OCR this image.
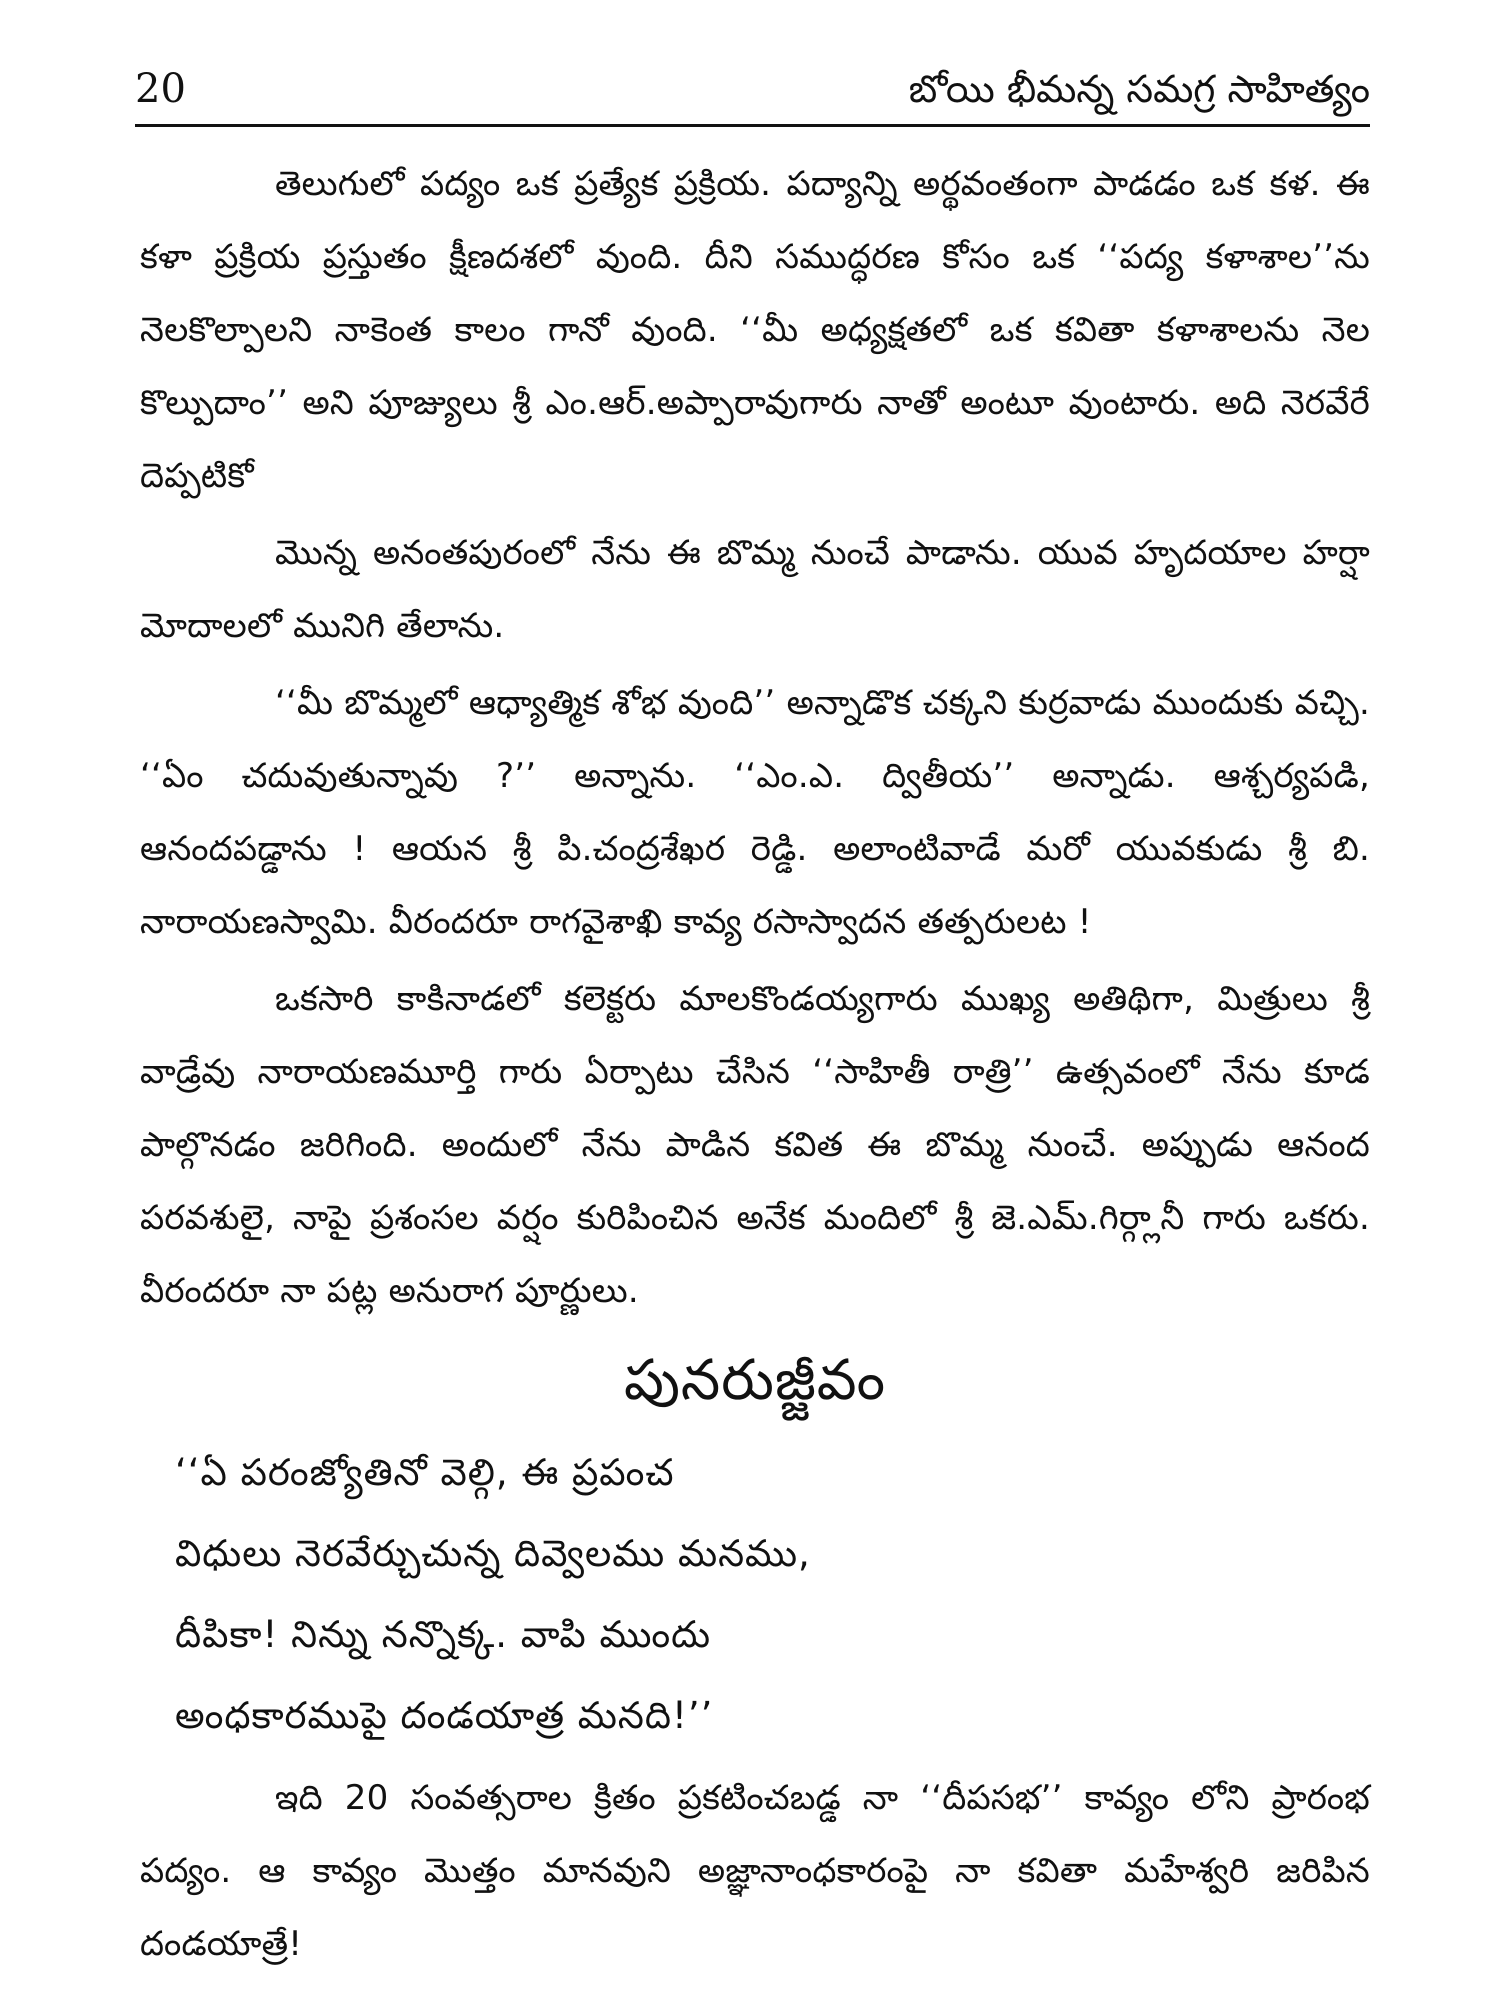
20	బోయి భీమన్న సమగ్ర సాహిత్యం

తెలుగులో పద్యం ఒక ప్రత్యేక ప్రక్రియ. పద్యాన్ని అర్థవంతంగా పాడడం ఒక కళ. ఈ కళా ప్రక్రియ ప్రస్తుతం క్షీణదశలో వుంది. దీని సముద్ధరణ కోసం ఒక ‘‘పద్య కళాశాల’’ను నెలకొల్పాలని నాకెంత కాలం గానో వుంది. ‘‘మీ అధ్యక్షతలో ఒక కవితా కళాశాలను నెల కొల్పుదాం’’ అని పూజ్యులు శ్రీ ఎం.ఆర్.అప్పారావుగారు నాతో అంటూ వుంటారు. అది నెరవేరే దెప్పటికో

మొన్న అనంతపురంలో నేను ఈ బొమ్మ నుంచే పాడాను. యువ హృదయాల హర్షా మోదాలలో మునిగి తేలాను.

‘‘మీ బొమ్మలో ఆధ్యాత్మిక శోభ వుంది’’ అన్నాడొక చక్కని కుర్రవాడు ముందుకు వచ్చి. ‘‘ఏం చదువుతున్నావు ?’’ అన్నాను. ‘‘ఎం.ఎ. ద్వితీయ’’ అన్నాడు. ఆశ్చర్యపడి, ఆనందపడ్డాను ! ఆయన శ్రీ పి.చంద్రశేఖర రెడ్డి. అలాంటివాడే మరో యువకుడు శ్రీ బి. నారాయణస్వామి. వీరందరూ రాగవైశాఖి కావ్య రసాస్వాదన తత్పరులట !

ఒకసారి కాకినాడలో కలెక్టరు మాలకొండయ్యగారు ముఖ్య అతిథిగా, మిత్రులు శ్రీ వాడ్రేవు నారాయణమూర్తి గారు ఏర్పాటు చేసిన ‘‘సాహితీ రాత్రి’’ ఉత్సవంలో నేను కూడ పాల్గొనడం జరిగింది. అందులో నేను పాడిన కవిత ఈ బొమ్మ నుంచే. అప్పుడు ఆనంద పరవశులై, నాపై ప్రశంసల వర్షం కురిపించిన అనేక మందిలో శ్రీ జె.ఎమ్.గిర్గ్లానీ గారు ఒకరు. వీరందరూ నా పట్ల అనురాగ పూర్ణులు.

పునరుజ్జీవం
‘‘ఏ పరంజ్యోతినో వెల్గి, ఈ ప్రపంచ
విధులు నెరవేర్చుచున్న దివ్వెలము మనము,
దీపికా! నిన్ను నన్నొక్క. వాపి ముందు
అంధకారముపై దండయాత్ర మనది!’’

ఇది 20 సంవత్సరాల క్రితం ప్రకటించబడ్డ నా ‘‘దీపసభ’’ కావ్యం లోని ప్రారంభ పద్యం. ఆ కావ్యం మొత్తం మానవుని అజ్ఞానాంధకారంపై నా కవితా మహేశ్వరి జరిపిన దండయాత్రే!
